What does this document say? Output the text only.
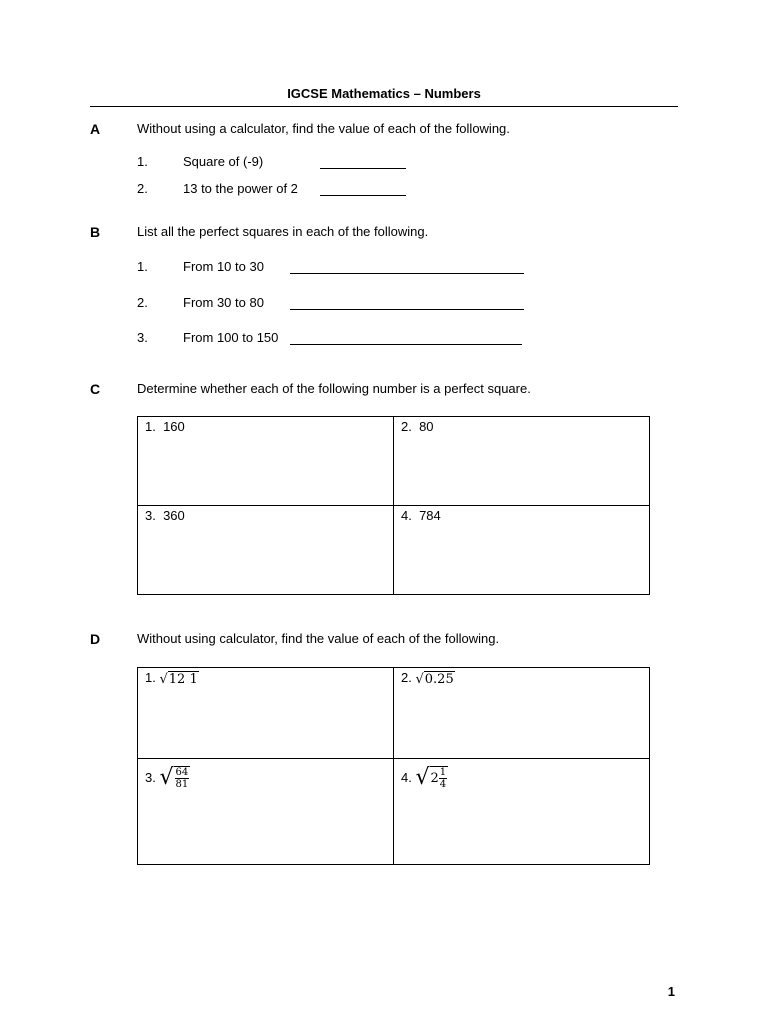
IGCSE Mathematics – Numbers
A	Without using a calculator, find the value of each of the following.
1.	Square of (-9)
2.	13 to the power of 2
B	List all the perfect squares in each of the following.
1.	From 10 to 30
2.	From 30 to 80
3.	From 100 to 150
C	Determine whether each of the following number is a perfect square.
1. 160	2. 80

3. 360	4. 784
D	Without using calculator, find the value of each of the following.
1. √12 1	2. √0.25

3. √ $\frac{64}{81}$	4. $√2 \frac{1}{4}$
1
